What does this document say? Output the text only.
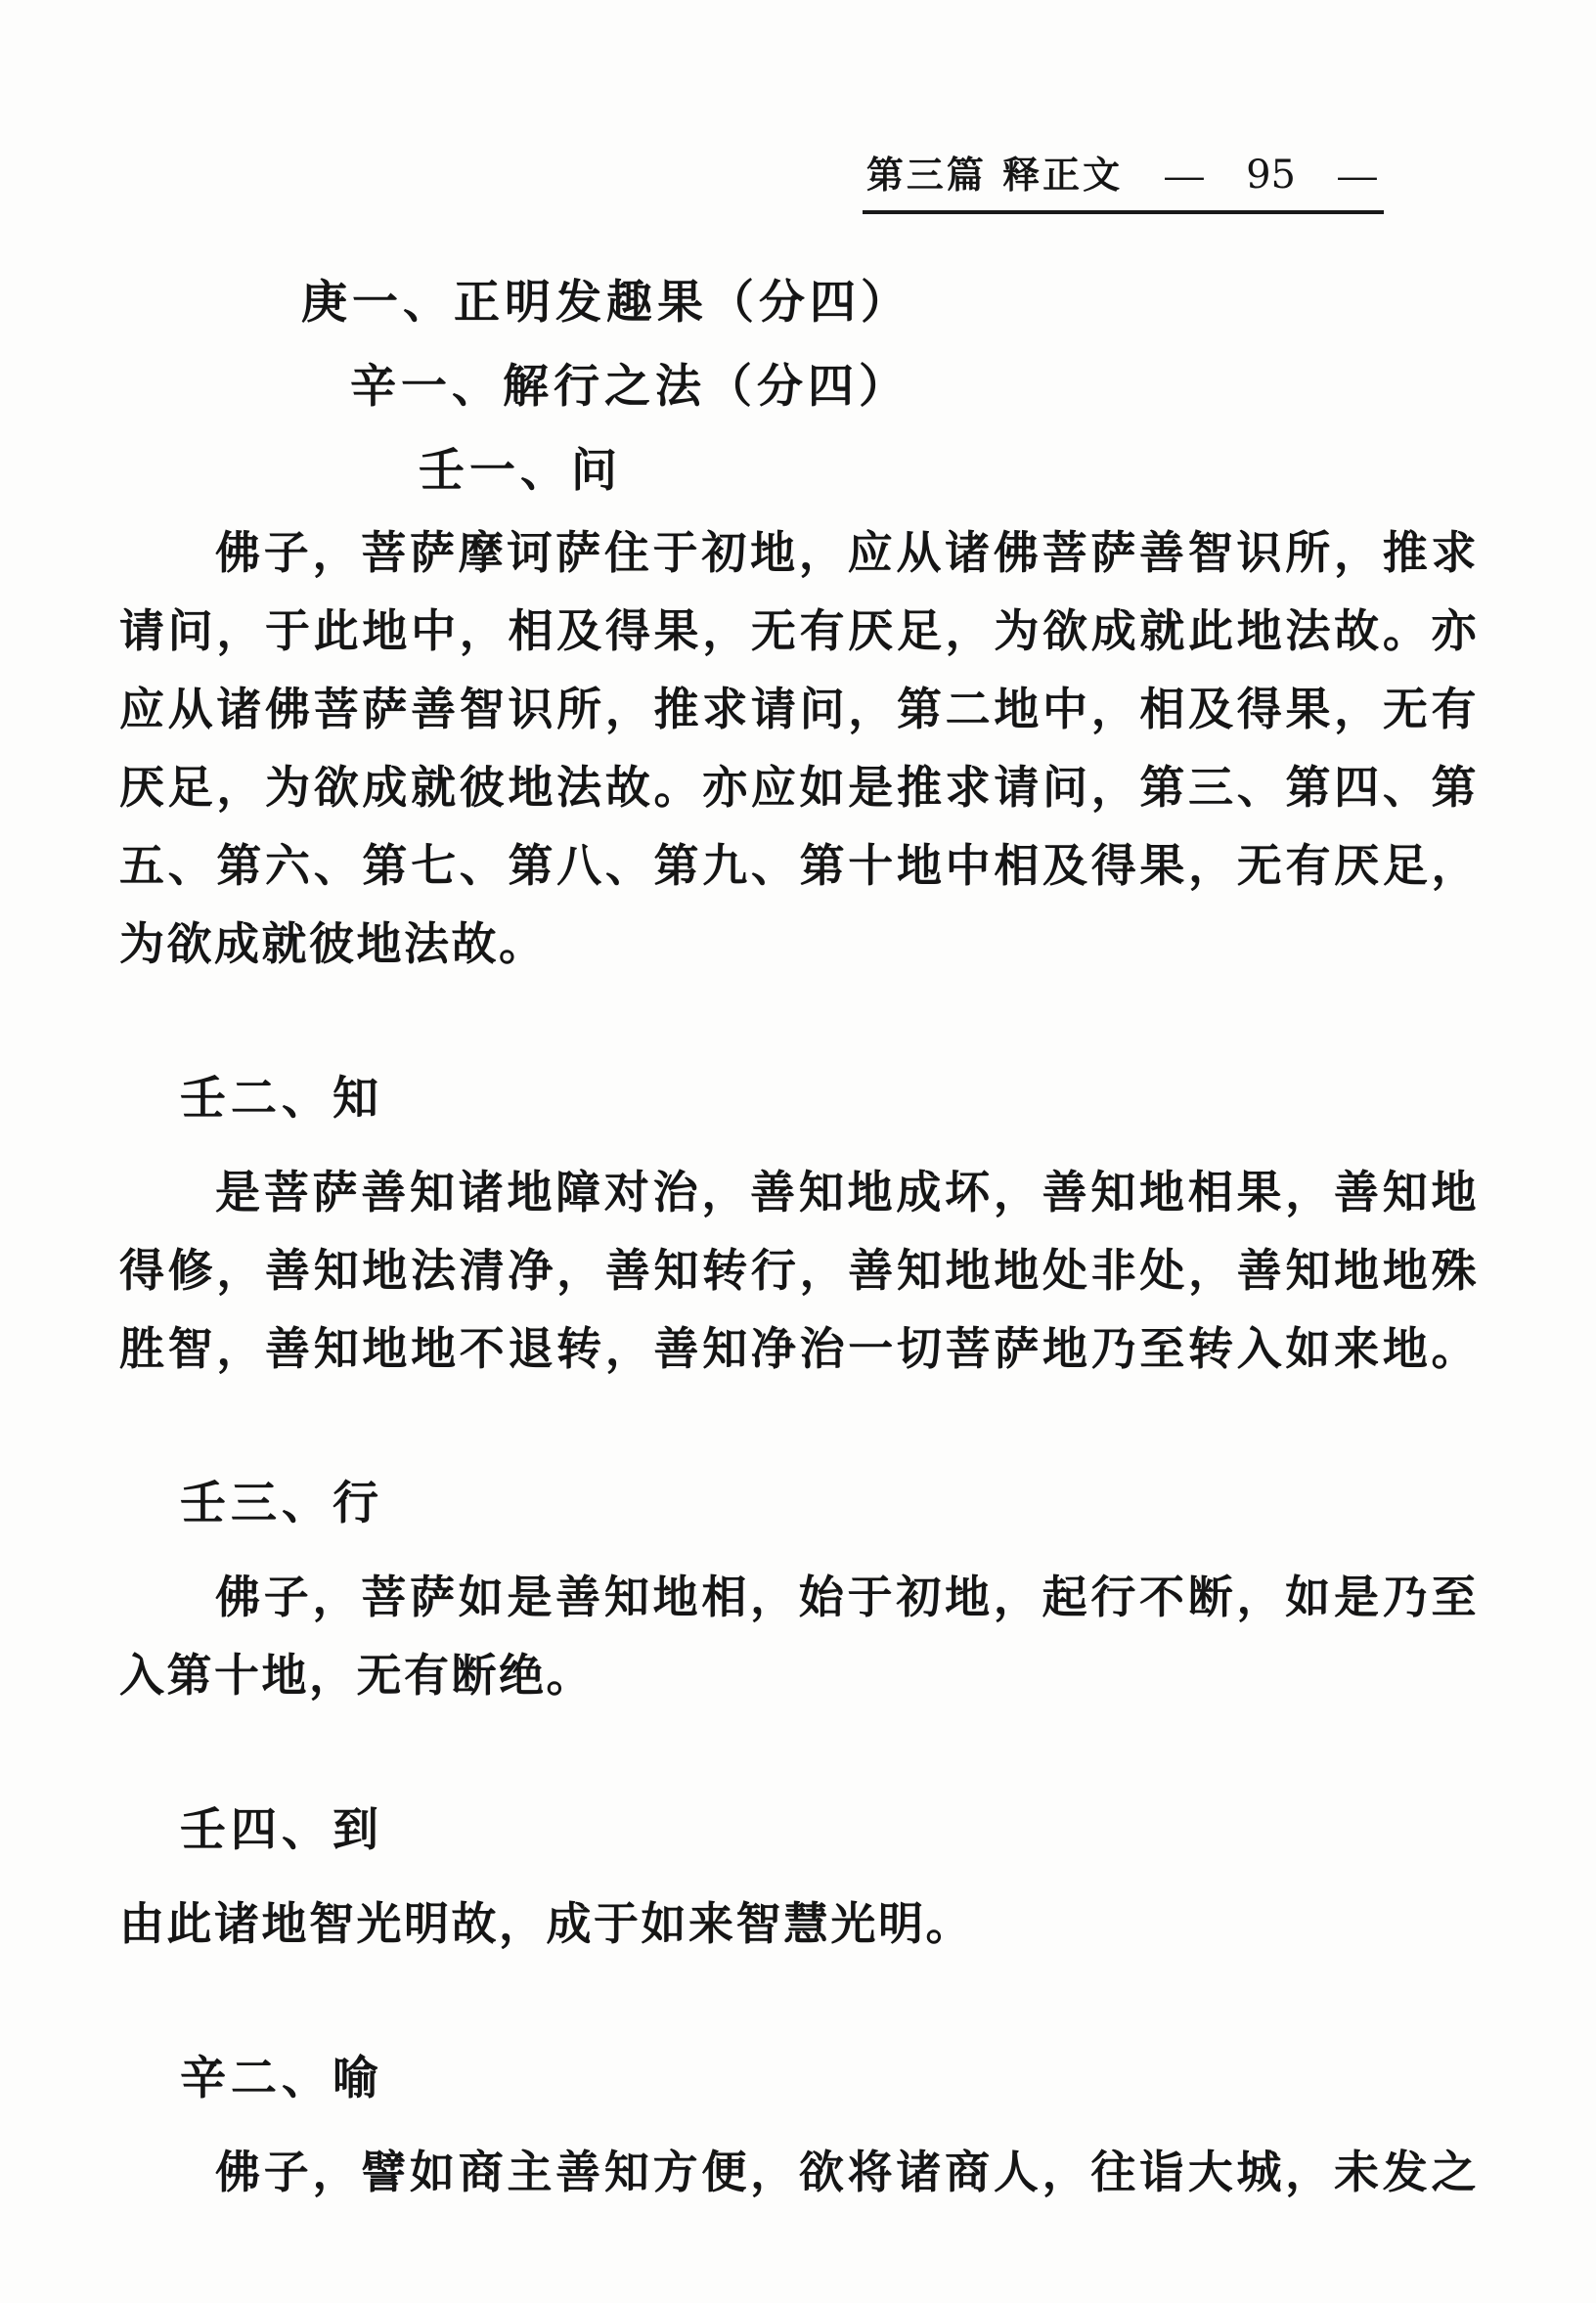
第三篇 释正文 — 95 —
庚一、正明发趣果（分四）
辛一、解行之法（分四）
壬一、问
佛子，菩萨摩诃萨住于初地，应从诸佛菩萨善智识所，推求
请问，于此地中，相及得果，无有厌足，为欲成就此地法故。亦
应从诸佛菩萨善智识所，推求请问，第二地中，相及得果，无有
厌足，为欲成就彼地法故。亦应如是推求请问，第三、第四、第
五、第六、第七、第八、第九、第十地中相及得果，无有厌足，
为欲成就彼地法故。
壬二、知
是菩萨善知诸地障对治，善知地成坏，善知地相果，善知地
得修，善知地法清净，善知转行，善知地地处非处，善知地地殊
胜智，善知地地不退转，善知净治一切菩萨地乃至转入如来地。
壬三、行
佛子，菩萨如是善知地相，始于初地，起行不断，如是乃至
入第十地，无有断绝。
壬四、到
由此诸地智光明故，成于如来智慧光明。
辛二、喻
佛子，譬如商主善知方便，欲将诸商人，往诣大城，未发之
